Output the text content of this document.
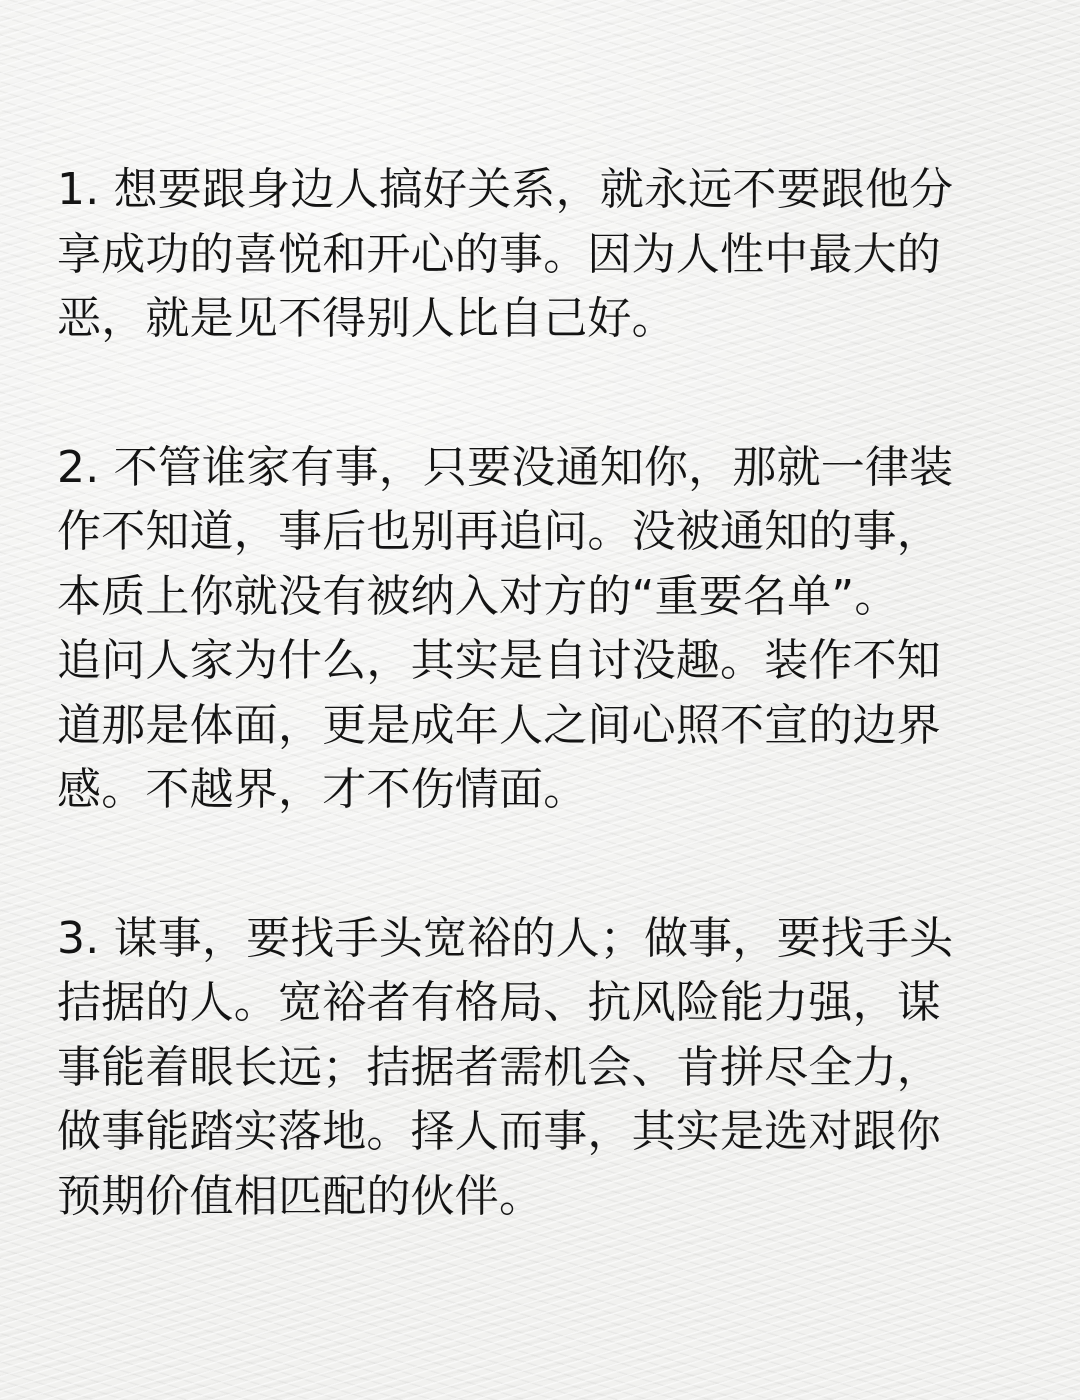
1. 想要跟身边人搞好关系，就永远不要跟他分
享成功的喜悦和开心的事。因为人性中最大的
恶，就是见不得别人比自己好。

2. 不管谁家有事，只要没通知你，那就一律装
作不知道，事后也别再追问。没被通知的事，
本质上你就没有被纳入对方的“重要名单”。
追问人家为什么，其实是自讨没趣。装作不知
道那是体面，更是成年人之间心照不宣的边界
感。不越界，才不伤情面。

3. 谋事，要找手头宽裕的人；做事，要找手头
拮据的人。宽裕者有格局、抗风险能力强，谋
事能着眼长远；拮据者需机会、肯拼尽全力，
做事能踏实落地。择人而事，其实是选对跟你
预期价值相匹配的伙伴。
